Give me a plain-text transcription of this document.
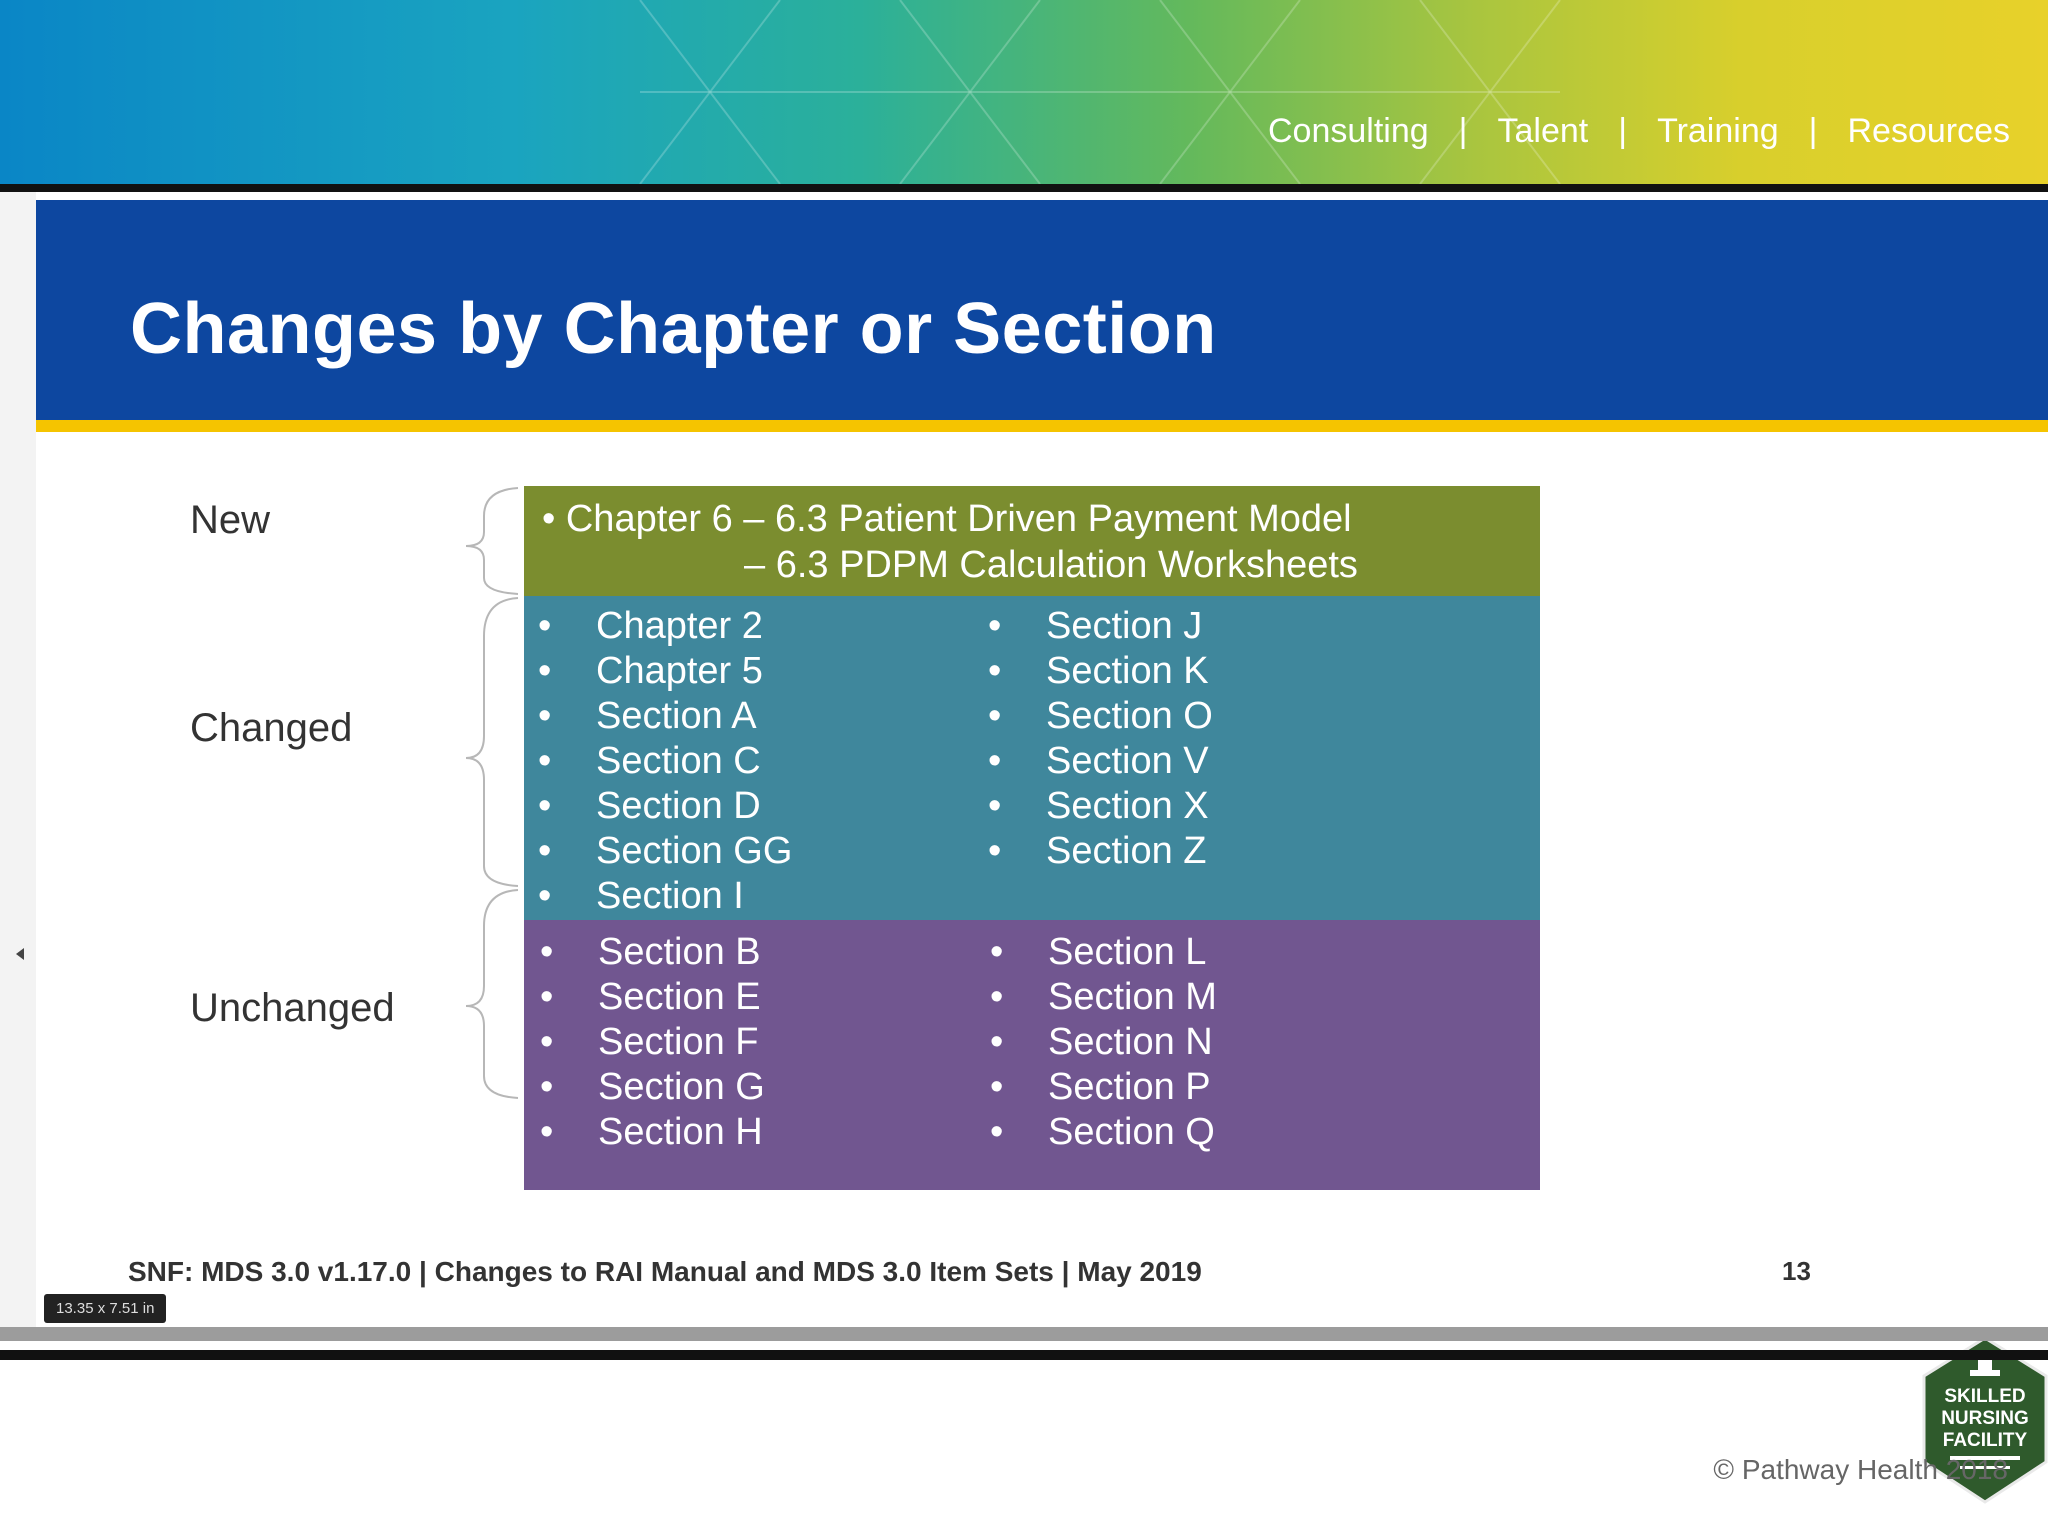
Consulting | Talent | Training | Resources
Changes by Chapter or Section
New
Changed
Unchanged
• Chapter 6 – 6.3 Patient Driven Payment Model
– 6.3 PDPM Calculation Worksheets
• Chapter 2
• Chapter 5
• Section A
• Section C
• Section D
• Section GG
• Section I
• Section J
• Section K
• Section O
• Section V
• Section X
• Section Z
• Section B
• Section E
• Section F
• Section G
• Section H
• Section L
• Section M
• Section N
• Section P
• Section Q
SNF: MDS 3.0 v1.17.0 | Changes to RAI Manual and MDS 3.0 Item Sets | May 2019	13
SKILLED
NURSING
FACILITY
13.35 x 7.51 in
© Pathway Health 2018
